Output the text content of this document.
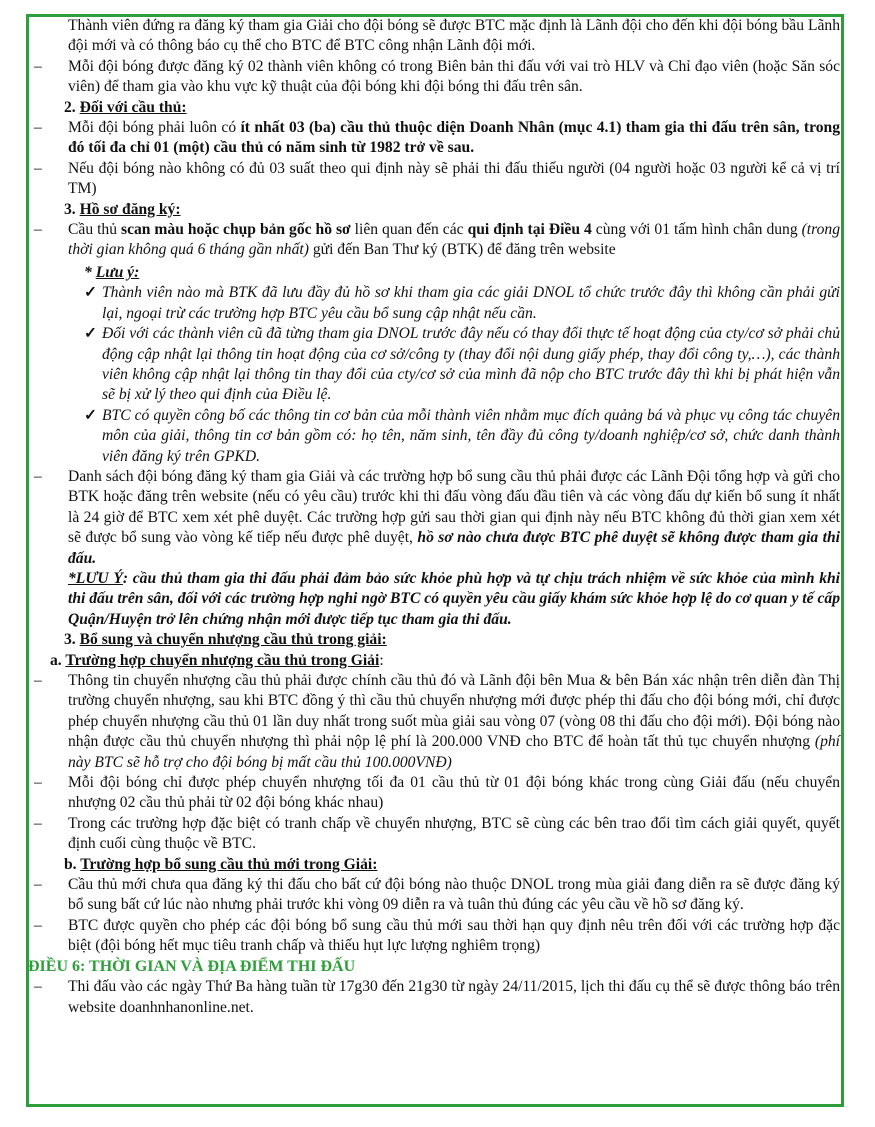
Thành viên đứng ra đăng ký tham gia Giải cho đội bóng sẽ được BTC mặc định là Lãnh đội cho đến khi đội bóng bầu Lãnh đội mới và có thông báo cụ thể cho BTC để BTC công nhận Lãnh đội mới.

– Mỗi đội bóng được đăng ký 02 thành viên không có trong Biên bản thi đấu với vai trò HLV và Chỉ đạo viên (hoặc Săn sóc viên) để tham gia vào khu vực kỹ thuật của đội bóng khi đội bóng thi đấu trên sân.

2. Đối với cầu thủ:

– Mỗi đội bóng phải luôn có ít nhất 03 (ba) cầu thủ thuộc diện Doanh Nhân (mục 4.1) tham gia thi đấu trên sân, trong đó tối đa chỉ 01 (một) cầu thủ có năm sinh từ 1982 trở về sau.

– Nếu đội bóng nào không có đủ 03 suất theo qui định này sẽ phải thi đấu thiếu người (04 người hoặc 03 người kể cả vị trí TM)

3. Hồ sơ đăng ký:

– Cầu thủ scan màu hoặc chụp bản gốc hồ sơ liên quan đến các qui định tại Điều 4 cùng với 01 tấm hình chân dung (trong thời gian không quá 6 tháng gần nhất) gửi đến Ban Thư ký (BTK) để đăng trên website

* Lưu ý:

✓ Thành viên nào mà BTK đã lưu đầy đủ hồ sơ khi tham gia các giải DNOL tổ chức trước đây thì không cần phải gửi lại, ngoại trừ các trường hợp BTC yêu cầu bổ sung cập nhật nếu cần.

✓ Đối với các thành viên cũ đã từng tham gia DNOL trước đây nếu có thay đổi thực tế hoạt động của cty/cơ sở phải chủ động cập nhật lại thông tin hoạt động của cơ sở/công ty (thay đổi nội dung giấy phép, thay đổi công ty,…), các thành viên không cập nhật lại thông tin thay đổi của cty/cơ sở của mình đã nộp cho BTC trước đây thì khi bị phát hiện vẫn sẽ bị xử lý theo qui định của Điều lệ.

✓ BTC có quyền công bố các thông tin cơ bản của mỗi thành viên nhằm mục đích quảng bá và phục vụ công tác chuyên môn của giải, thông tin cơ bản gồm có: họ tên, năm sinh, tên đầy đủ công ty/doanh nghiệp/cơ sở, chức danh thành viên đăng ký trên GPKD.

– Danh sách đội bóng đăng ký tham gia Giải và các trường hợp bổ sung cầu thủ phải được các Lãnh Đội tổng hợp và gửi cho BTK hoặc đăng trên website (nếu có yêu cầu) trước khi thi đấu vòng đấu đầu tiên và các vòng đấu dự kiến bổ sung ít nhất là 24 giờ để BTC xem xét phê duyệt. Các trường hợp gửi sau thời gian qui định này nếu BTC không đủ thời gian xem xét sẽ được bổ sung vào vòng kế tiếp nếu được phê duyệt, hồ sơ nào chưa được BTC phê duyệt sẽ không được tham gia thi đấu.

*LƯU Ý: cầu thủ tham gia thi đấu phải đảm bảo sức khỏe phù hợp và tự chịu trách nhiệm về sức khỏe của mình khi thi đấu trên sân, đối với các trường hợp nghi ngờ BTC có quyền yêu cầu giấy khám sức khỏe hợp lệ do cơ quan y tế cấp Quận/Huyện trở lên chứng nhận mới được tiếp tục tham gia thi đấu.

3. Bổ sung và chuyển nhượng cầu thủ trong giải:

a. Trường hợp chuyển nhượng cầu thủ trong Giải:

– Thông tin chuyển nhượng cầu thủ phải được chính cầu thủ đó và Lãnh đội bên Mua & bên Bán xác nhận trên diễn đàn Thị trường chuyển nhượng, sau khi BTC đồng ý thì cầu thủ chuyển nhượng mới được phép thi đấu cho đội bóng mới, chỉ được phép chuyển nhượng cầu thủ 01 lần duy nhất trong suốt mùa giải sau vòng 07 (vòng 08 thi đấu cho đội mới). Đội bóng nào nhận được cầu thủ chuyển nhượng thì phải nộp lệ phí là 200.000 VNĐ cho BTC để hoàn tất thủ tục chuyển nhượng (phí này BTC sẽ hỗ trợ cho đội bóng bị mất cầu thủ 100.000VNĐ)

– Mỗi đội bóng chỉ được phép chuyển nhượng tối đa 01 cầu thủ từ 01 đội bóng khác trong cùng Giải đấu (nếu chuyển nhượng 02 cầu thủ phải từ 02 đội bóng khác nhau)

– Trong các trường hợp đặc biệt có tranh chấp về chuyển nhượng, BTC sẽ cùng các bên trao đổi tìm cách giải quyết, quyết định cuối cùng thuộc về BTC.

b. Trường hợp bổ sung cầu thủ mới trong Giải:

– Cầu thủ mới chưa qua đăng ký thi đấu cho bất cứ đội bóng nào thuộc DNOL trong mùa giải đang diễn ra sẽ được đăng ký bổ sung bất cứ lúc nào nhưng phải trước khi vòng 09 diễn ra và tuân thủ đúng các yêu cầu về hồ sơ đăng ký.

– BTC được quyền cho phép các đội bóng bổ sung cầu thủ mới sau thời hạn quy định nêu trên đối với các trường hợp đặc biệt (đội bóng hết mục tiêu tranh chấp và thiếu hụt lực lượng nghiêm trọng)

ĐIỀU 6: THỜI GIAN VÀ ĐỊA ĐIỂM THI ĐẤU

– Thi đấu vào các ngày Thứ Ba hàng tuần từ 17g30 đến 21g30 từ ngày 24/11/2015, lịch thi đấu cụ thể sẽ được thông báo trên website doanhnhanonline.net.
